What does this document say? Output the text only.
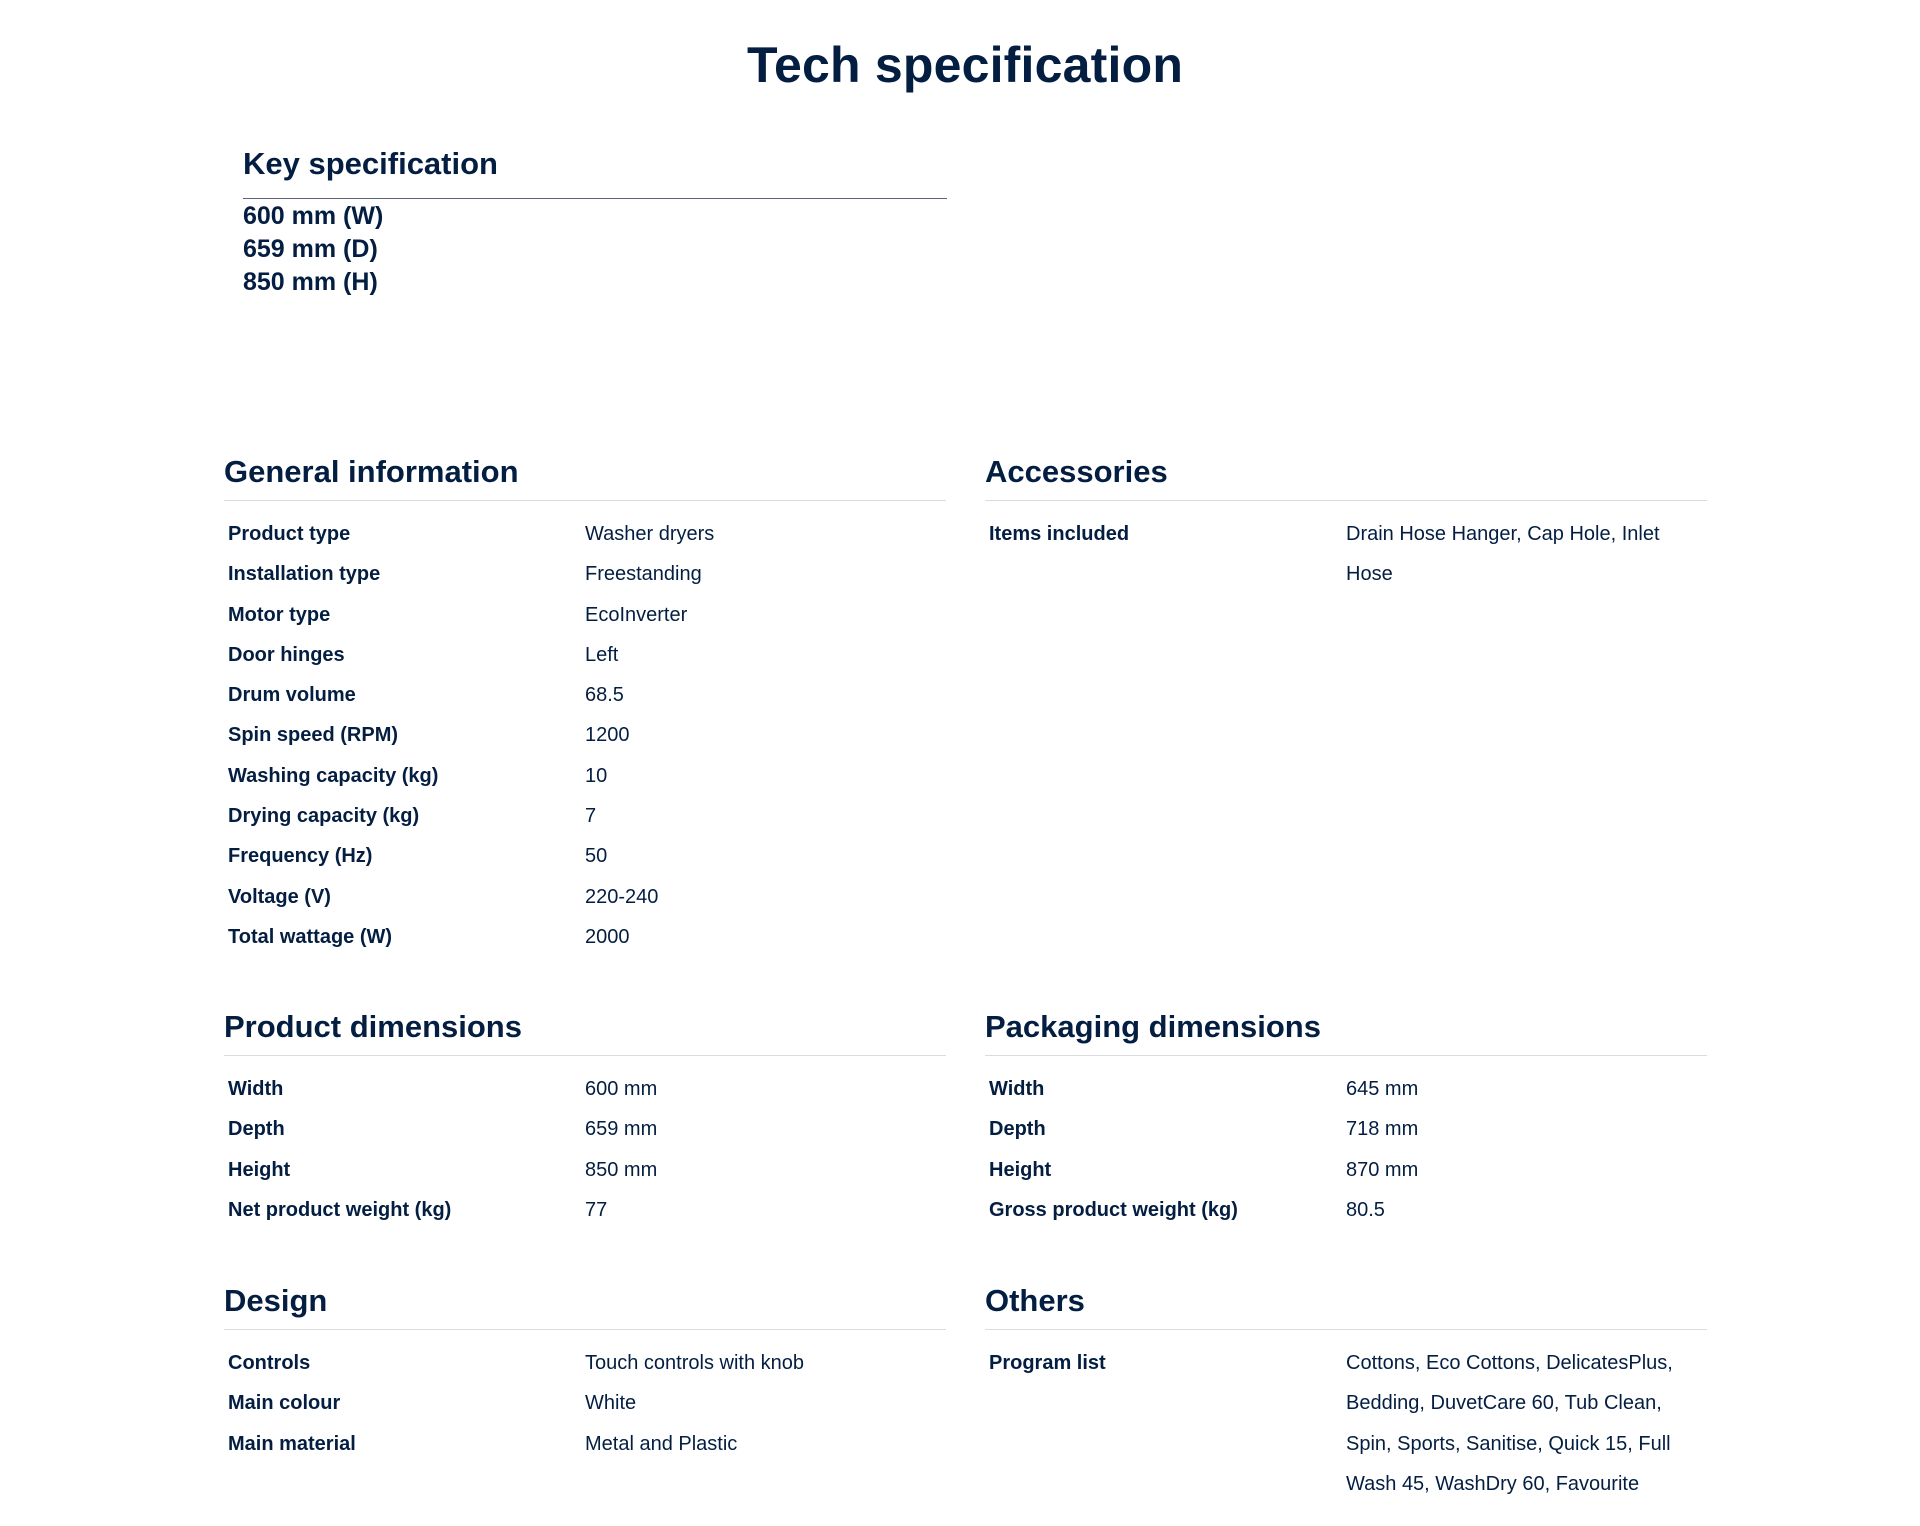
Tech specification
Key specification
600 mm (W)
659 mm (D)
850 mm (H)
General information
Product type	Washer dryers
Installation type	Freestanding
Motor type	EcoInverter
Door hinges	Left
Drum volume	68.5
Spin speed (RPM)	1200
Washing capacity (kg)	10
Drying capacity (kg)	7
Frequency (Hz)	50
Voltage (V)	220-240
Total wattage (W)	2000
Accessories
Items included	Drain Hose Hanger, Cap Hole, Inlet Hose
Product dimensions
Width	600 mm
Depth	659 mm
Height	850 mm
Net product weight (kg)	77
Packaging dimensions
Width	645 mm
Depth	718 mm
Height	870 mm
Gross product weight (kg)	80.5
Design
Controls	Touch controls with knob
Main colour	White
Main material	Metal and Plastic
Others
Program list	Cottons, Eco Cottons, DelicatesPlus, Bedding, DuvetCare 60, Tub Clean, Spin, Sports, Sanitise, Quick 15, Full Wash 45, WashDry 60, Favourite
